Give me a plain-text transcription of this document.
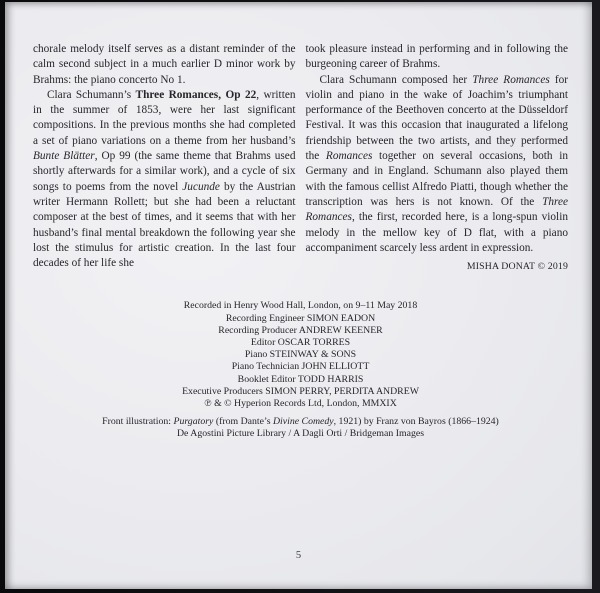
chorale melody itself serves as a distant reminder of the calm second subject in a much earlier D minor work by Brahms: the piano concerto No 1.

Clara Schumann’s Three Romances, Op 22, written in the summer of 1853, were her last significant compositions. In the previous months she had completed a set of piano variations on a theme from her husband’s Bunte Blätter, Op 99 (the same theme that Brahms used shortly afterwards for a similar work), and a cycle of six songs to poems from the novel Jucunde by the Austrian writer Hermann Rollett; but she had been a reluctant composer at the best of times, and it seems that with her husband’s final mental breakdown the following year she lost the stimulus for artistic creation. In the last four decades of her life she

took pleasure instead in performing and in following the burgeoning career of Brahms.

Clara Schumann composed her Three Romances for violin and piano in the wake of Joachim’s triumphant performance of the Beethoven concerto at the Düsseldorf Festival. It was this occasion that inaugurated a lifelong friendship between the two artists, and they performed the Romances together on several occasions, both in Germany and in England. Schumann also played them with the famous cellist Alfredo Piatti, though whether the transcription was hers is not known. Of the Three Romances, the first, recorded here, is a long-spun violin melody in the mellow key of D flat, with a piano accompaniment scarcely less ardent in expression.

MISHA DONAT © 2019
Recorded in Henry Wood Hall, London, on 9–11 May 2018
Recording Engineer SIMON EADON
Recording Producer ANDREW KEENER
Editor OSCAR TORRES
Piano STEINWAY & SONS
Piano Technician JOHN ELLIOTT
Booklet Editor TODD HARRIS
Executive Producers SIMON PERRY, PERDITA ANDREW
℗ & © Hyperion Records Ltd, London, MMXIX
Front illustration: Purgatory (from Dante’s Divine Comedy, 1921) by Franz von Bayros (1866–1924)
De Agostini Picture Library / A Dagli Orti / Bridgeman Images
5
